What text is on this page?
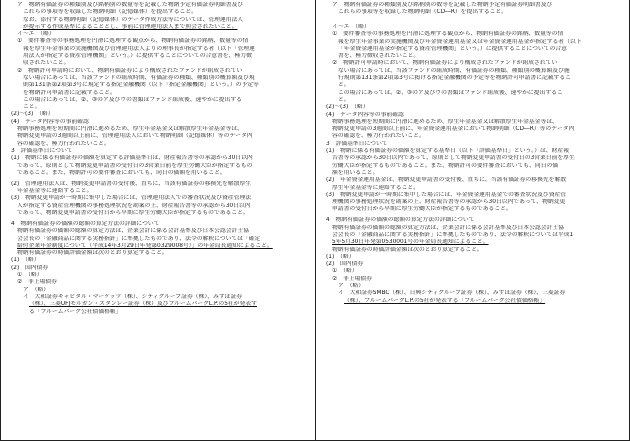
ア　物納有価証券の種類別及び銘柄別の数量等を記載した物納予定有価証券明細書及び
これらの事項等を収録した物納明細（記憶媒体）を提出すること。
なお、添付する物納明細（記憶媒体）のデータ作成方法等については、管理運用法人
が提示する作成基準によることとし、事前に管理運用法人まで照会されたいこと。
イ～エ　（略）
①　要件審査等の事務処理を円滑に処理する観点から、物納有価証券の銘柄、数量等の情
報を厚生年金事業の実施機関及び管理運用法人よりの理事長が指定する者（以下「管理運
用法人が指定する資産管理機関」という。）に提供することについての合意書を、極力徴
収されたいこと。
②　物納許可申請時において、物納有価証券により構成されたファンドが組成されてい
ない場合にあっては、当該ファンドの組成時期、有価証券の種類、種類別の概算額及び規
則第131条第2項第3号に規定する指定金融機関（以下「指定金融機関」という。）の予定等
を物納許可申請書に記載すること。
この場合にあっては、②、③のア及びウの書類はファンド組成後、速やかに提出する
こと。
(2)～(3)　（略）
(4)　データ内容等の事前確認
物納事務処理を短期間に円滑に進めるため、厚生年金基金又は解散厚生年金基金等は、
物納変更申請の3週間以上前に、管理運用法人において物納明細（記憶媒体）等のデータ内
容の確認を、極力行われたいこと。
3　評価基準日について
(1)　物納に係る有価証券の価額を算定する評価基準日は、財産報告書等の承認から30日以内
であって、原則として物納変更申請書の受付日の3営業日前を厚生労働大臣が指定するもの
であること。また、物納許可の要件審査においても、同日の価額を用いること。
(2)　管理運用法人は、物納変更申請書の受付後、直ちに、当該有価証券の移換先を解散厚生
年金基金等に連絡すること。
(3)　物納変更申請が一時期に集中した場合には、管理運用法人での審査状況及び資産管理法
人が指定する資産管理機関の事務処理状況を勘案の上、財産報告書等の承認から30日以内
であって、物納変更申請書の受付日から早期に厚生労働大臣が指定するものであること。
4　物納有価証券の価額の総額の算定方法の詳細について
物納有価証券の価額の総額の算定方法は、企業会計に係る会計基準及び日本公認会計士協
会会長の「金融商品に関する実務指針」に準拠したものであり、法令の解釈については「確定
給付企業年金制度について（平成14年3月29日年発第0329008号）」の年金局長通知によること。
物納有価証券の時価評価金額は次のとおり算定すること。
(1)　（略）
(2)　国内債券
①　（略）
②　非上場債券
ア　（略）
イ　大和証券キャピタル・マーケッツ（株）、シティグループ証券（株）、みずほ証券
（株）、三菱UFJモルガン・スタンレー証券（株）及びブルームバーグL.P.の5社が発表す
る「ブルームバーグ公社債価格帳」
ア　物納有価証券の種類別及び銘柄別の数等を記載した物納予定有価証券明細書及び
これらの事項等を収録した物納明細（CD―R）を提出すること。
イ～エ　（略）
①　要件審査等の事務処理を円滑に処理する観点から、物納有価証券の銘柄、数量等の情
報を厚生年金事業の実施機関及び年金資金運用基金又は年金資金運用基金が指定する者（以下
「年金資金運用基金が指定する資産管理機関」という。）に提供することについての合意
書を、極力徴収されたいこと。
②　物納許可申請時において、物納有価証券により構成されたファンドが組成されてい
ない場合にあっては、当該ファンドの組成時期、有価証券の種類、種類別の概算額及び施
行規則第131条第2項第3号に掲げる指定金融機関の予定等を物納許可申請書に記載するこ
と。
この場合にあっては、②、③のア及びウの書類はファンド組成後、速やかに提出するこ
と。
(2)～(3)　（略）
(4)　データ内容等の事前確認
物納事務処理を短期間に円滑に進めるため、厚生年金基金又は解散厚生年金基金等は、
物納変更申請の3週間以上前に、年金資金運用基金において物納明細（CD―R）等のデータ内
容の確認を、極力行われたいこと。
3　評価基準日について
(1)　物納に係る有価証券の価額を算定する基準日（以下「評価基準日」という。）は、財産報
告書等の承認から30日以内であって、原則として物納変更申請書の受付日の3営業日前を厚生
労働大臣が指定するものであること。また、物納許可の要件審査においても、同日の価
額を用いること。
(2)　年金資金運用基金は、物納変更申請書の受付後、直ちに、当該有価証券の移換先を解散
厚生年金基金等に連絡すること。
(3)　物納変更申請が一時期に集中した場合には、年金資金運用基金での審査状況及び資産管
理機関の事務処理状況を勘案の上、財産報告書等の承認から30日以内であって、物納変更
申請書の受付日から早期に厚生労働大臣が指定するものであること。
4　物納有価証券の価額の総額の算定方法の詳細について
物納有価証券の価額の総額の算定方法は、企業会計に係る会計基準及び日本公認会計士協
会会長の「金融商品に関する実務指針」に準拠したものであり、法令の解釈については平成1
5年5月30日年発第0530001号の年金局長通知によること。
物納有価証券の時価評価金額は次のとおり算定すること。
(1)　（略）
(2)　国内債券
①　（略）
②　非上場債券
ア　（略）
イ　大和証券SMBC（株）、日興シティグループ証券（株）、みずほ証券（株）、三菱証券
（株）、ブルームバーグL.P.の5社が発表する「ブルームバーグ公社債価格帳」
